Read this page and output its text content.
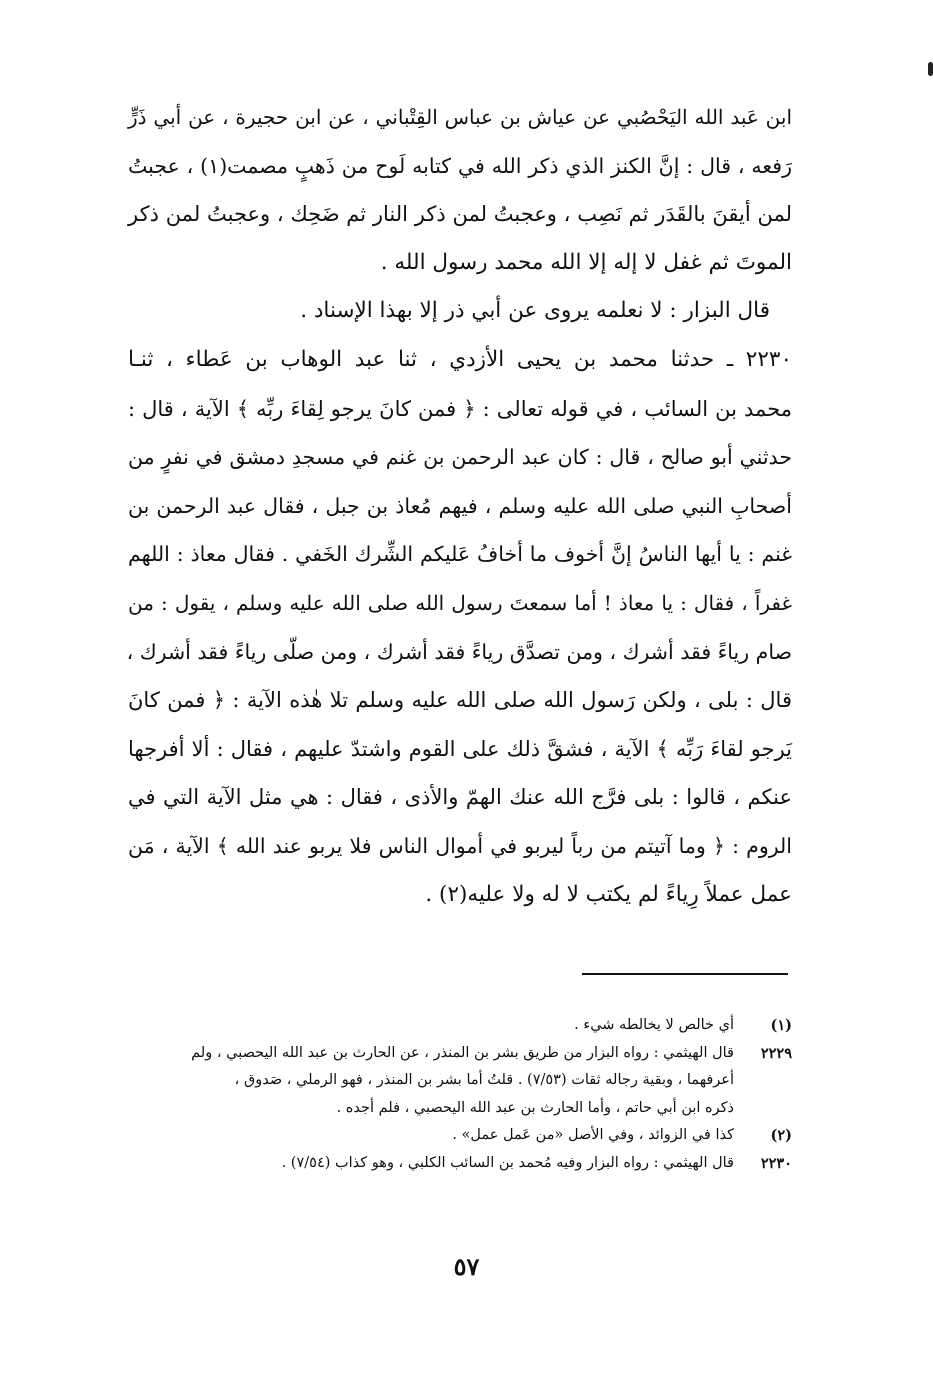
ابن عَبد الله اليَحْصُبي عن عياش بن عباس القِتْباني ، عن ابن حجيرة ، عن أبي ذَرٍّ
رَفعه ، قال : إنَّ الكنز الذي ذكر الله في كتابه لَوح من ذَهبٍ مصمت(١) ، عجبتُ
لمن أيقنَ بالقَدَر ثم نَصِب ، وعجبتُ لمن ذكر النار ثم ضَحِك ، وعجبتُ لمن ذكر
الموتَ ثم غفل لا إله إلا الله محمد رسول الله .
قال البزار : لا نعلمه يروى عن أبي ذر إلا بهذا الإسناد .
٢٢٣٠ ـ حدثنا محمد بن يحيى الأزدي ، ثنا عبد الوهاب بن عَطاء ، ثنـا
محمد بن السائب ، في قوله تعالى : ﴿ فمن كانَ يرجو لِقاءَ ربِّه ﴾ الآية ، قال :
حدثني أبو صالح ، قال : كان عبد الرحمن بن غنم في مسجدِ دمشق في نفرٍ من
أصحابِ النبي صلى الله عليه وسلم ، فيهم مُعاذ بن جبل ، فقال عبد الرحمن بن
غنم : يا أيها الناسُ إنَّ أخوف ما أخافُ عَليكم الشِّرك الخَفي . فقال معاذ : اللهم
غفراً ، فقال : يا معاذ ! أما سمعتَ رسول الله صلى الله عليه وسلم ، يقول : من
صام رياءً فقد أشرك ، ومن تصدَّق رياءً فقد أشرك ، ومن صلّى رياءً فقد أشرك ،
قال : بلى ، ولكن رَسول الله صلى الله عليه وسلم تلا هٰذه الآية : ﴿ فمن كانَ
يَرجو لقاءَ رَبِّه ﴾ الآية ، فشقَّ ذلك على القوم واشتدّ عليهم ، فقال : ألا أفرجها
عنكم ، قالوا : بلى فرَّج الله عنك الهمّ والأذى ، فقال : هي مثل الآية التي في
الروم : ﴿ وما آتيتم من رباً ليربو في أموال الناس فلا يربو عند الله ﴾ الآية ، مَن
عمل عملاً رِياءً لم يكتب لا له ولا عليه(٢) .
(١)
أي خالص لا يخالطه شيء .
٢٢٢٩
قال الهيثمي : رواه البزار من طريق بشر بن المنذر ، عن الحارث بن عبد الله اليحصبي ، ولم
أعرفهما ، وبقية رجاله ثقات (٧/٥٣) . قلتُ أما بشر بن المنذر ، فهو الرملي ، صَدوق ،
ذكره ابن أبي حاتم ، وأما الحارث بن عبد الله اليحصبي ، فلم أجده .
(٢)
كذا في الزوائد ، وفي الأصل «من عَمل عمل» .
٢٢٣٠
قال الهيثمي : رواه البزار وفيه مُحمد بن السائب الكلبي ، وهو كذاب (٧/٥٤) .
٥٧
